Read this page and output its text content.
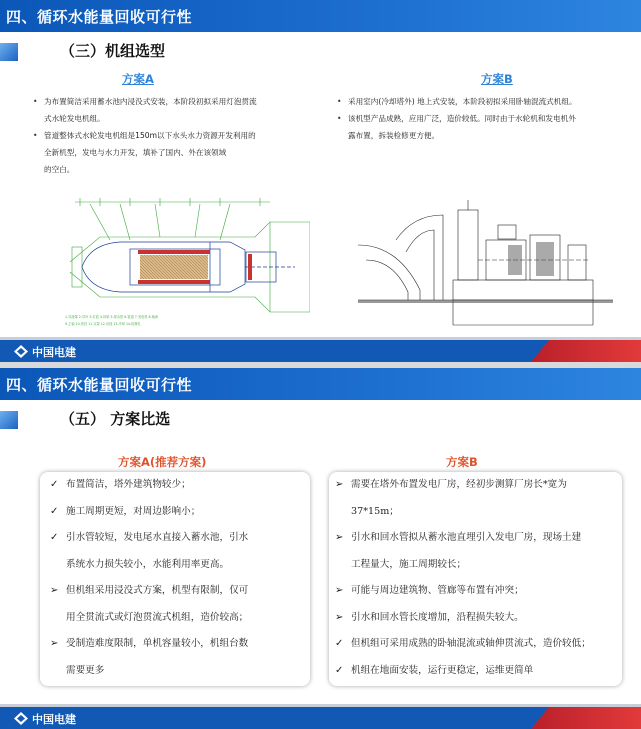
四、循环水能量回收可行性
（三）机组选型
方案A
• 为布置简洁采用蓄水池内浸没式安装，本阶段初拟采用灯泡贯流
式水轮发电机组。
• 管道整体式水轮发电机组是150m以下水头水力资源开发利用的
全新机型，发电与水力开发，填补了国内、外在该领域
的空白。
方案B
• 采用室内(冷却塔外) 地上式安装，本阶段初拟采用卧轴混流式机组。
• 该机型产品成熟，应用广泛，造价较低。同时由于水轮机和发电机外
露布置，拆装检修更方便。
1-导流罩 2-导叶 3-灯泡 4-转轮 5-尾水管 6-管道 7-发电机 8-轴承
9-主轴 10-密封 11-支架 12-出线 13-冷却 14-检修孔
中国电建
四、循环水能量回收可行性
（五） 方案比选
方案A(推荐方案)
✓ 布置简洁，塔外建筑物较少；
✓ 施工周期更短，对周边影响小；
✓ 引水管较短，发电尾水直接入蓄水池，引水
系统水力损失较小，水能利用率更高。
➢ 但机组采用浸没式方案，机型有限制，仅可
用全贯流式或灯泡贯流式机组，造价较高；
➢ 受制造难度限制，单机容量较小，机组台数
需要更多
方案B
➢ 需要在塔外布置发电厂房，经初步测算厂房长*宽为
37*15m；
➢ 引水和回水管拟从蓄水池直埋引入发电厂房，现场土建
工程量大，施工周期较长；
➢ 可能与周边建筑物、管廊等布置有冲突；
➢ 引水和回水管长度增加，沿程损失较大。
✓ 但机组可采用成熟的卧轴混流或轴伸贯流式，造价较低；
✓ 机组在地面安装，运行更稳定，运维更简单
中国电建
